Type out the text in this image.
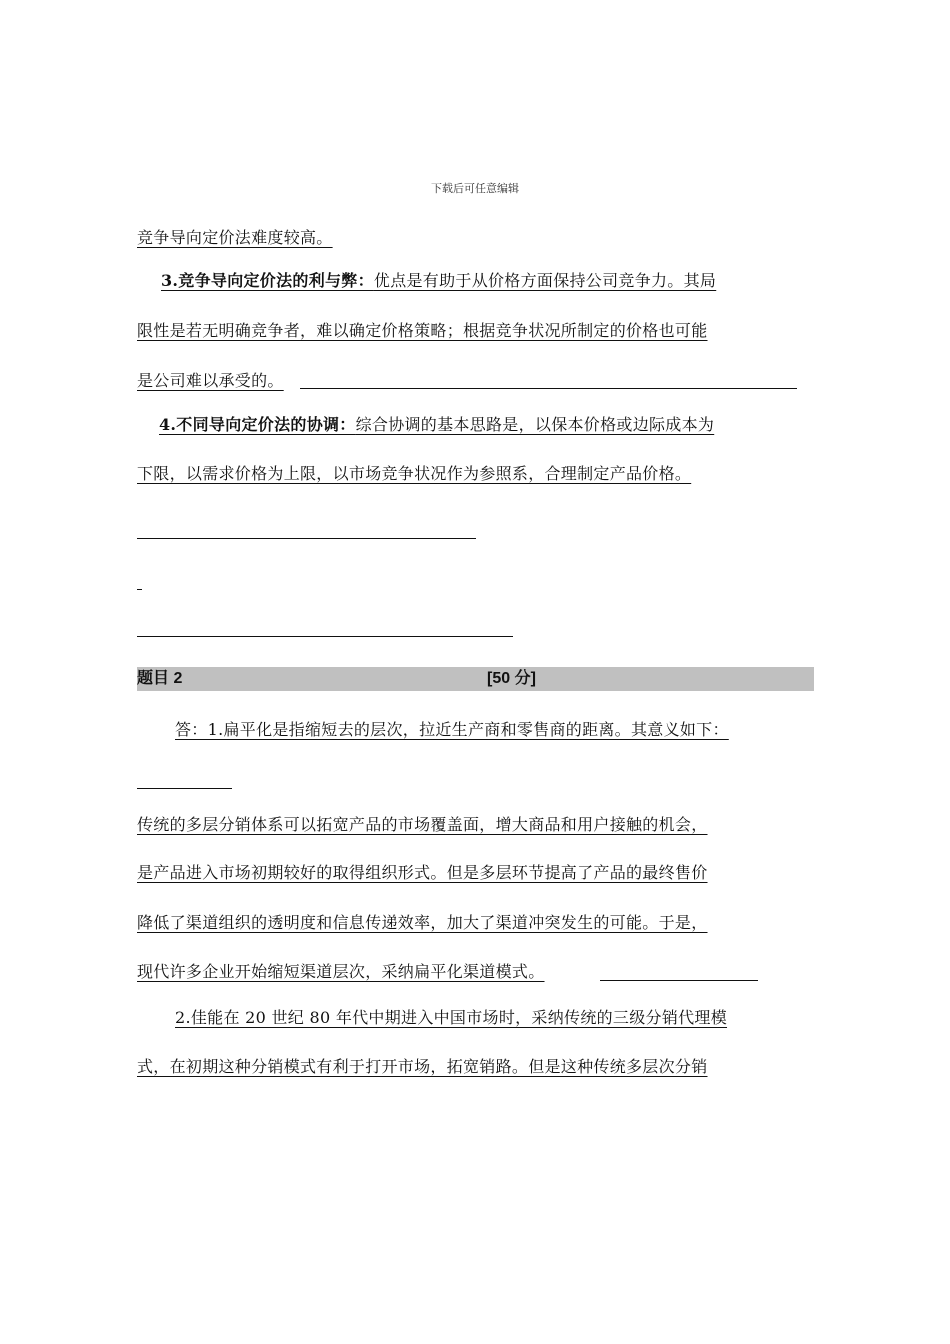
下载后可任意编辑
竞争导向定价法难度较高。
3.竞争导向定价法的利与弊：优点是有助于从价格方面保持公司竞争力。其局
限性是若无明确竞争者，难以确定价格策略；根据竞争状况所制定的价格也可能
是公司难以承受的。
4.不同导向定价法的协调：综合协调的基本思路是，以保本价格或边际成本为
下限，以需求价格为上限，以市场竞争状况作为参照系，合理制定产品价格。
题目 2	[50 分]
答：1.扁平化是指缩短去的层次，拉近生产商和零售商的距离。其意义如下：
传统的多层分销体系可以拓宽产品的市场覆盖面，增大商品和用户接触的机会，
是产品进入市场初期较好的取得组织形式。但是多层环节提高了产品的最终售价
降低了渠道组织的透明度和信息传递效率，加大了渠道冲突发生的可能。于是，
现代许多企业开始缩短渠道层次，采纳扁平化渠道模式。
2.佳能在 20 世纪 80 年代中期进入中国市场时，采纳传统的三级分销代理模
式，在初期这种分销模式有利于打开市场，拓宽销路。但是这种传统多层次分销
